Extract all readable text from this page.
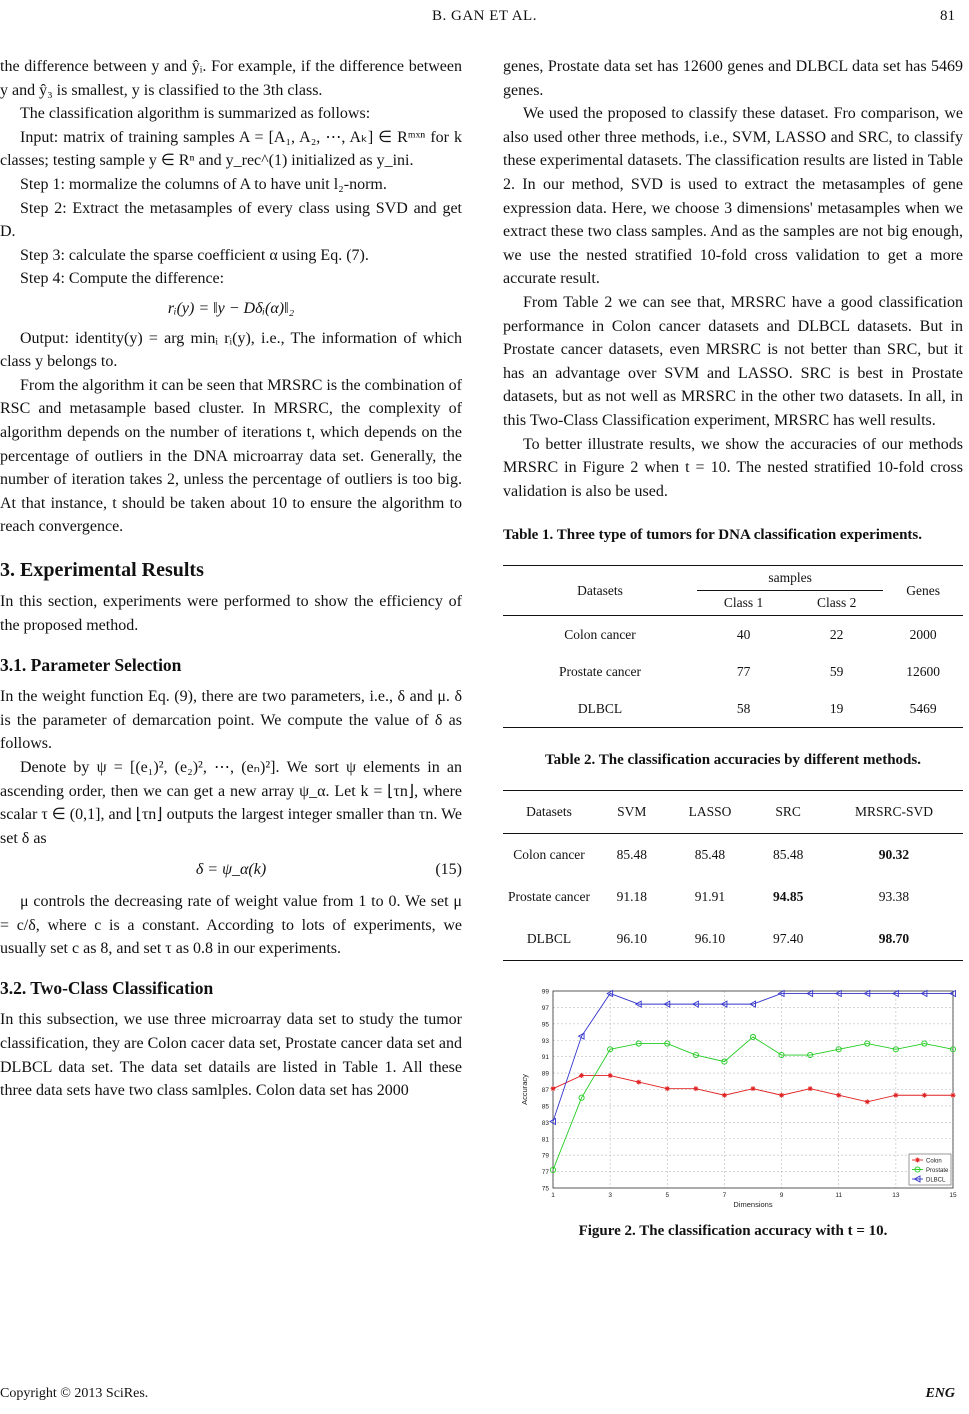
B. GAN ET AL.	81

the difference between y and ŷᵢ. For example, if the difference between y and ŷ₃ is smallest, y is classified to the 3th class.

The classification algorithm is summarized as follows:

Input: matrix of training samples A = [A₁, A₂, ⋯, Aₖ] ∈ Rᵐˣⁿ for k classes; testing sample y ∈ Rⁿ and y_rec^(1) initialized as y_ini.

Step 1: mormalize the columns of A to have unit l₂-norm.

Step 2: Extract the metasamples of every class using SVD and get D.

Step 3: calculate the sparse coefficient α using Eq. (7).

Step 4: Compute the difference:

rᵢ(y) = ‖y − Dδᵢ(α)‖₂

Output: identity(y) = arg minᵢ rᵢ(y), i.e., The information of which class y belongs to.

From the algorithm it can be seen that MRSRC is the combination of RSC and metasample based cluster. In MRSRC, the complexity of algorithm depends on the number of iterations t, which depends on the percentage of outliers in the DNA microarray data set. Generally, the number of iteration takes 2, unless the percentage of outliers is too big. At that instance, t should be taken about 10 to ensure the algorithm to reach convergence.

3. Experimental Results

In this section, experiments were performed to show the efficiency of the proposed method.

3.1. Parameter Selection

In the weight function Eq. (9), there are two parameters, i.e., δ and μ. δ is the parameter of demarcation point. We compute the value of δ as follows.

Denote by ψ = [(e₁)², (e₂)², ⋯, (eₙ)²]. We sort ψ elements in an ascending order, then we can get a new array ψ_α. Let k = ⌊τn⌋, where scalar τ ∈ (0,1], and ⌊τn⌋ outputs the largest integer smaller than τn. We set δ as

δ = ψ_α(k)	(15)

μ controls the decreasing rate of weight value from 1 to 0. We set μ = c/δ, where c is a constant. According to lots of experiments, we usually set c as 8, and set τ as 0.8 in our experiments.

3.2. Two-Class Classification

In this subsection, we use three microarray data set to study the tumor classification, they are Colon cacer data set, Prostate cancer data set and DLBCL data set. The data set datails are listed in Table 1. All these three data sets have two class samlples. Colon data set has 2000

genes, Prostate data set has 12600 genes and DLBCL data set has 5469 genes.

We used the proposed to classify these dataset. Fro comparison, we also used other three methods, i.e., SVM, LASSO and SRC, to classify these experimental datasets. The classification results are listed in Table 2. In our method, SVD is used to extract the metasamples of gene expression data. Here, we choose 3 dimensions' metasamples when we extract these two class samples. And as the samples are not big enough, we use the nested stratified 10-fold cross validation to get a more accurate result.

From Table 2 we can see that, MRSRC have a good classification performance in Colon cancer datasets and DLBCL datasets. But in Prostate cancer datasets, even MRSRC is not better than SRC, but it has an advantage over SVM and LASSO. SRC is best in Prostate datasets, but as not well as MRSRC in the other two datasets. In all, in this Two-Class Classification experiment, MRSRC has well results.

To better illustrate results, we show the accuracies of our methods MRSRC in Figure 2 when t = 10. The nested stratified 10-fold cross validation is also be used.

Table 1. Three type of tumors for DNA classification experiments.
Datasets	samples		Genes
	Class 1	Class 2	
Colon cancer	40	22	2000
Prostate cancer	77	59	12600
DLBCL	58	19	5469
Table 2. The classification accuracies by different methods.
Datasets	SVM	LASSO	SRC	MRSRC-SVD
Colon cancer	85.48	85.48	85.48	90.32
Prostate cancer	91.18	91.91	94.85	93.38
DLBCL	96.10	96.10	97.40	98.70
75
77
79
81
83
85
87
89
91
93
95
97
99
1	3	5	7	9	11	13	15
Dimensions
Accuracy
Colon
Prostate
DLBCL
Figure 2. The classification accuracy with t = 10.
Copyright © 2013 SciRes.	ENG
